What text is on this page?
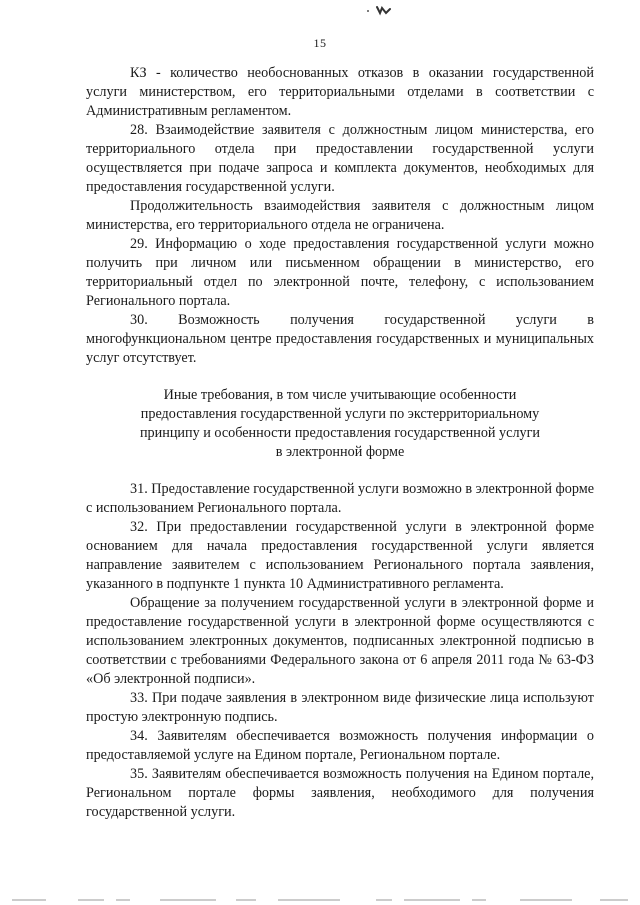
15

КЗ - количество необоснованных отказов в оказании государственной услуги министерством, его территориальными отделами в соответствии с Административным регламентом.

28. Взаимодействие заявителя с должностным лицом министерства, его территориального отдела при предоставлении государственной услуги осуществляется при подаче запроса и комплекта документов, необходимых для предоставления государственной услуги.

Продолжительность взаимодействия заявителя с должностным лицом министерства, его территориального отдела не ограничена.

29. Информацию о ходе предоставления государственной услуги можно получить при личном или письменном обращении в министерство, его территориальный отдел по электронной почте, телефону, с использованием Регионального портала.

30. Возможность получения государственной услуги в многофункциональном центре предоставления государственных и муниципальных услуг отсутствует.

Иные требования, в том числе учитывающие особенности
предоставления государственной услуги по экстерриториальному
принципу и особенности предоставления государственной услуги
в электронной форме

31. Предоставление государственной услуги возможно в электронной форме с использованием Регионального портала.

32. При предоставлении государственной услуги в электронной форме основанием для начала предоставления государственной услуги является направление заявителем с использованием Регионального портала заявления, указанного в подпункте 1 пункта 10 Административного регламента.

Обращение за получением государственной услуги в электронной форме и предоставление государственной услуги в электронной форме осуществляются с использованием электронных документов, подписанных электронной подписью в соответствии с требованиями Федерального закона от 6 апреля 2011 года № 63-ФЗ «Об электронной подписи».

33. При подаче заявления в электронном виде физические лица используют простую электронную подпись.

34. Заявителям обеспечивается возможность получения информации о предоставляемой услуге на Едином портале, Региональном портале.

35. Заявителям обеспечивается возможность получения на Едином портале, Региональном портале формы заявления, необходимого для получения государственной услуги.
